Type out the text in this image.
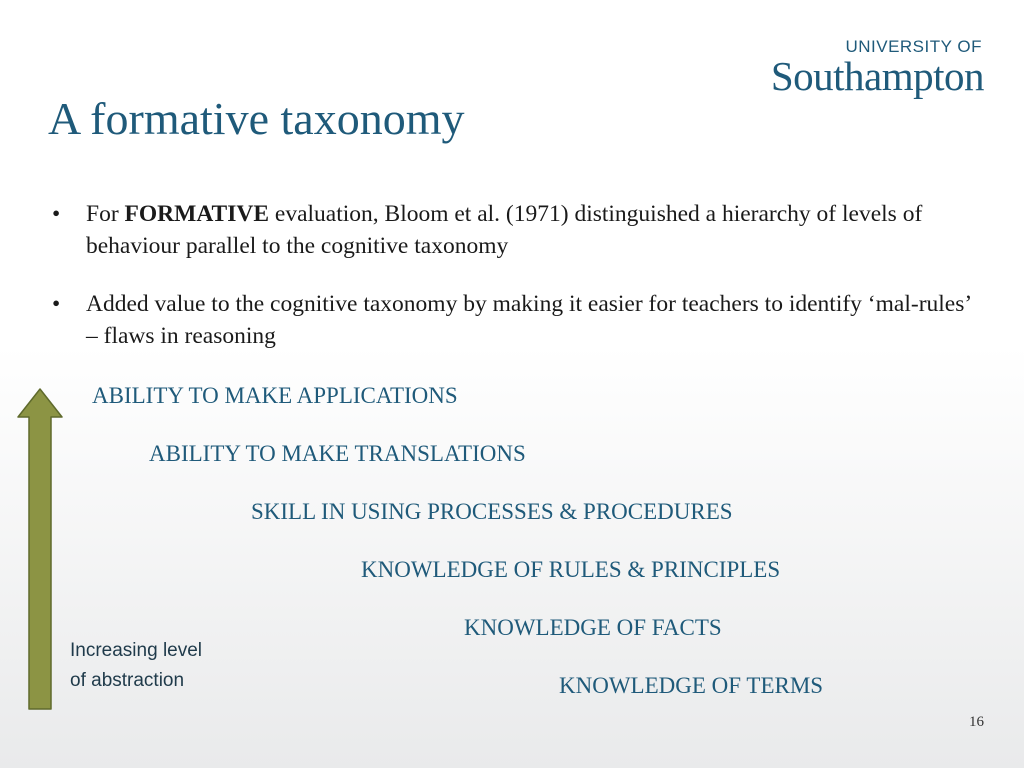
UNIVERSITY OF
Southampton
A formative taxonomy
• For FORMATIVE evaluation, Bloom et al. (1971) distinguished a hierarchy of levels of behaviour parallel to the cognitive taxonomy
• Added value to the cognitive taxonomy by making it easier for teachers to identify ‘mal-rules’ – flaws in reasoning
ABILITY TO MAKE APPLICATIONS
ABILITY TO MAKE TRANSLATIONS
SKILL IN USING PROCESSES & PROCEDURES
KNOWLEDGE OF RULES & PRINCIPLES
KNOWLEDGE OF FACTS
KNOWLEDGE OF TERMS
Increasing level
of abstraction
16
